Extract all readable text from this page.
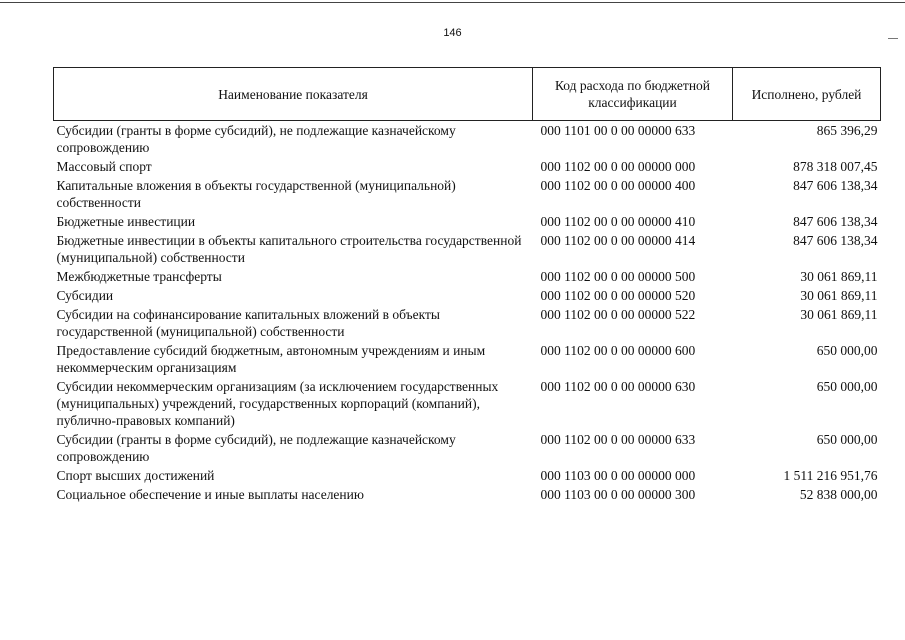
146
Наименование показателя	Код расхода по бюджетной классификации	Исполнено, рублей
Субсидии (гранты в форме субсидий), не подлежащие казначейскому сопровождению	000 1101 00 0 00 00000 633	865 396,29
Массовый спорт	000 1102 00 0 00 00000 000	878 318 007,45
Капитальные вложения в объекты государственной (муниципальной) собственности	000 1102 00 0 00 00000 400	847 606 138,34
Бюджетные инвестиции	000 1102 00 0 00 00000 410	847 606 138,34
Бюджетные инвестиции в объекты капитального строительства государственной (муниципальной) собственности	000 1102 00 0 00 00000 414	847 606 138,34
Межбюджетные трансферты	000 1102 00 0 00 00000 500	30 061 869,11
Субсидии	000 1102 00 0 00 00000 520	30 061 869,11
Субсидии на софинансирование капитальных вложений в объекты государственной (муниципальной) собственности	000 1102 00 0 00 00000 522	30 061 869,11
Предоставление субсидий бюджетным, автономным учреждениям и иным некоммерческим организациям	000 1102 00 0 00 00000 600	650 000,00
Субсидии некоммерческим организациям (за исключением государственных (муниципальных) учреждений, государственных корпораций (компаний), публично-правовых компаний)	000 1102 00 0 00 00000 630	650 000,00
Субсидии (гранты в форме субсидий), не подлежащие казначейскому сопровождению	000 1102 00 0 00 00000 633	650 000,00
Спорт высших достижений	000 1103 00 0 00 00000 000	1 511 216 951,76
Социальное обеспечение и иные выплаты населению	000 1103 00 0 00 00000 300	52 838 000,00
